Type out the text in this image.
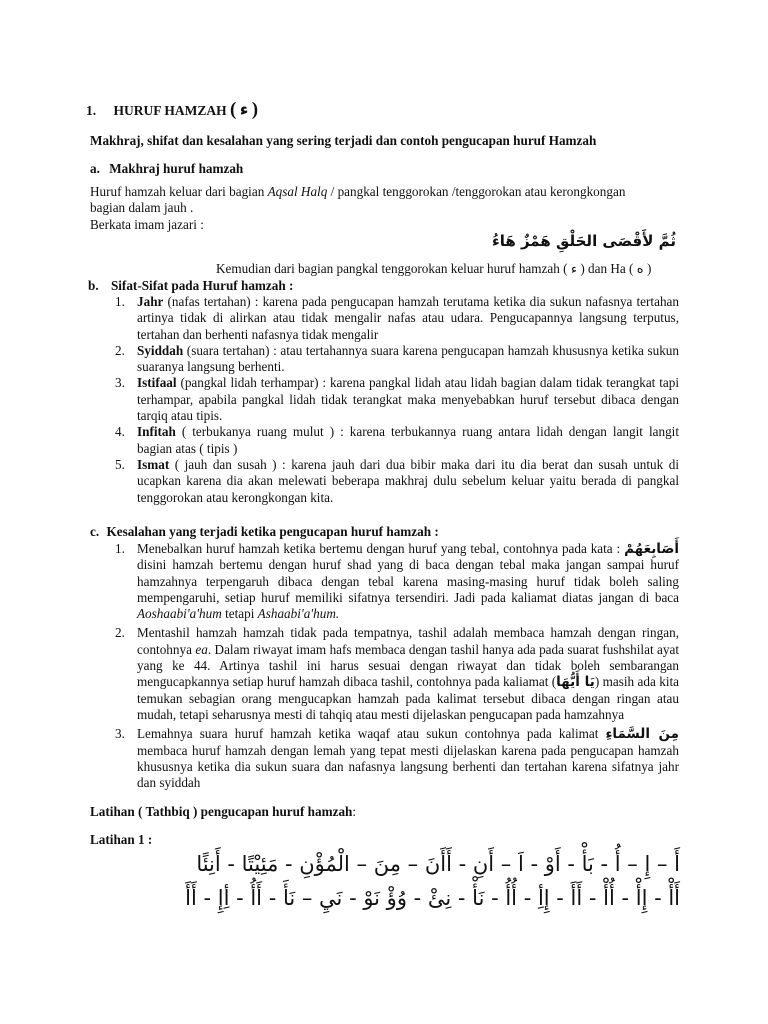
1. HURUF HAMZAH ( ء )
Makhraj, shifat dan kesalahan yang sering terjadi dan contoh pengucapan huruf Hamzah
a. Makhraj huruf hamzah
Huruf hamzah keluar dari bagian Aqsal Halq / pangkal tenggorokan /tenggorokan atau kerongkongan
bagian dalam jauh .
Berkata imam jazari :
ثُمَّ لأَقْصَى الحَلْقِ هَمْزٌ هَاءُ
Kemudian dari bagian pangkal tenggorokan keluar huruf hamzah ( ء ) dan Ha ( ه )
b. Sifat-Sifat pada Huruf hamzah :
1. Jahr (nafas tertahan) : karena pada pengucapan hamzah terutama ketika dia sukun nafasnya tertahan artinya tidak di alirkan atau tidak mengalir nafas atau udara. Pengucapannya langsung terputus, tertahan dan berhenti nafasnya tidak mengalir
2. Syiddah (suara tertahan) : atau tertahannya suara karena pengucapan hamzah khususnya ketika sukun suaranya langsung berhenti.
3. Istifaal (pangkal lidah terhampar) : karena pangkal lidah atau lidah bagian dalam tidak terangkat tapi terhampar, apabila pangkal lidah tidak terangkat maka menyebabkan huruf tersebut dibaca dengan tarqiq atau tipis.
4. Infitah ( terbukanya ruang mulut ) : karena terbukannya ruang antara lidah dengan langit langit bagian atas ( tipis )
5. Ismat ( jauh dan susah ) : karena jauh dari dua bibir maka dari itu dia berat dan susah untuk di ucapkan karena dia akan melewati beberapa makhraj dulu sebelum keluar yaitu berada di pangkal tenggorokan atau kerongkongan kita.
c. Kesalahan yang terjadi ketika pengucapan huruf hamzah :
1. Menebalkan huruf hamzah ketika bertemu dengan huruf yang tebal, contohnya pada kata : أَصَابِعَهُمْ disini hamzah bertemu dengan huruf shad yang di baca dengan tebal maka jangan sampai huruf hamzahnya terpengaruh dibaca dengan tebal karena masing-masing huruf tidak boleh saling mempengaruhi, setiap huruf memiliki sifatnya tersendiri. Jadi pada kaliamat diatas jangan di baca Aoshaabi'a'hum tetapi Ashaabi'a'hum.
2. Mentashil hamzah hamzah tidak pada tempatnya, tashil adalah membaca hamzah dengan ringan, contohnya ea. Dalam riwayat imam hafs membaca dengan tashil hanya ada pada suarat fushshilat ayat yang ke 44. Artinya tashil ini harus sesuai dengan riwayat dan tidak boleh sembarangan mengucapkannya setiap huruf hamzah dibaca tashil, contohnya pada kaliamat (يَا أَيُّهَا) masih ada kita temukan sebagian orang mengucapkan hamzah pada kalimat tersebut dibaca dengan ringan atau mudah, tetapi seharusnya mesti di tahqiq atau mesti dijelaskan pengucapan pada hamzahnya
3. Lemahnya suara huruf hamzah ketika waqaf atau sukun contohnya pada kalimat مِنَ السَّمَاءِ membaca huruf hamzah dengan lemah yang tepat mesti dijelaskan karena pada pengucapan hamzah khususnya ketika dia sukun suara dan nafasnya langsung berhenti dan tertahan karena sifatnya jahr dan syiddah
Latihan ( Tathbiq ) pengucapan huruf hamzah:
Latihan 1 :
أَ – إِ – أُ - بَأْ - أَوْ - اَ – أَنِ - أَأَنَ – مِنَ – الْمُؤْنِ - مَئِيْتًا - أَنِئًا
أَأْ - إِأْ - أُأْ - أَأَ - إِأِ - أُأُ - نَأْ - نِئْ - وُؤْ نَوْ - نَيِ – نَأَ - أَأُ - أِإِ - أَأَ
